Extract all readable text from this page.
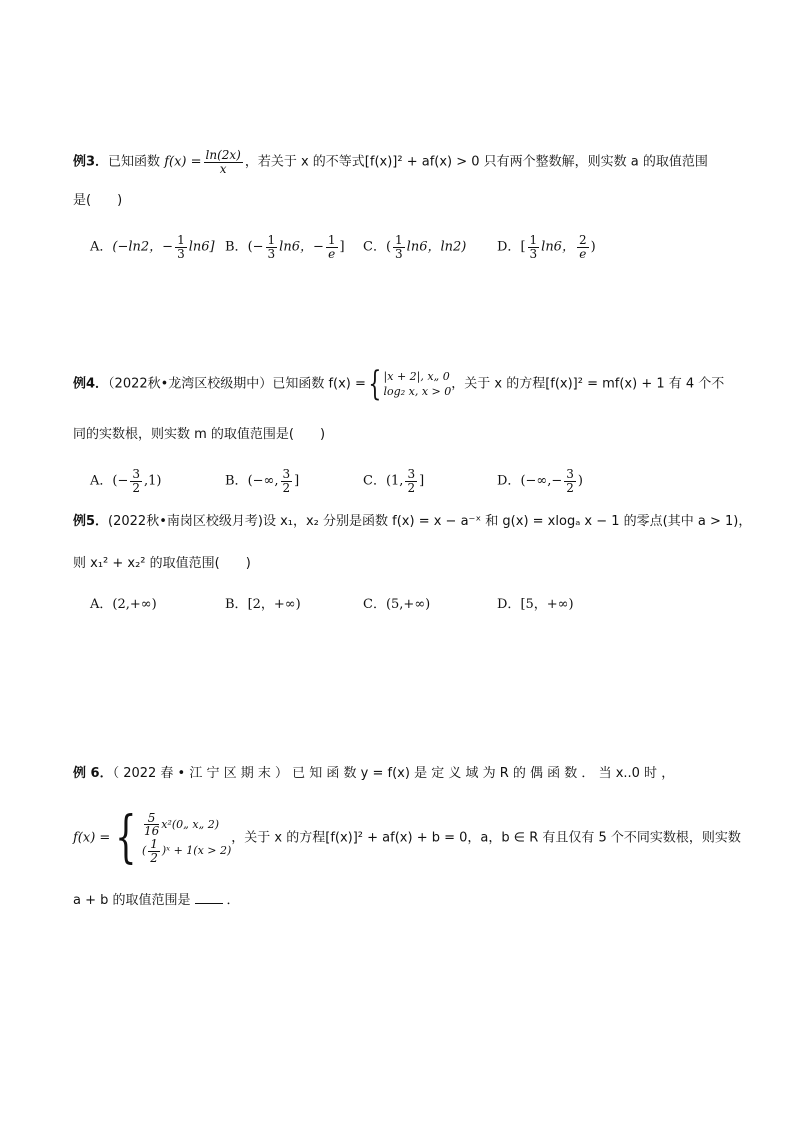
例3．已知函数 $f(x) = \frac{\ln(2x)}{x}$ ，若关于 x 的不等式[f(x)]² + af(x) > 0 只有两个整数解，则实数 a 的取值范围
是(　　)
A．(−ln2，− $\frac{1}{3} \ln 6$] B．(− $\frac{1}{3} \ln 6$，− $\frac{1}{e}$ ] C．( $\frac{1}{3} \ln 6$，ln2) D．[ $\frac{1}{3} \ln 6$， $\frac{2}{e}$ )
例4．（2022秋•龙湾区校级期中）已知函数 f(x) ={ |x + 2|, x„ 0
log₂ x, x > 0 ，关于 x 的方程[f(x)]² = mf(x) + 1 有 4 个不
同的实数根，则实数 m 的取值范围是(　　)
A．(− $\frac{3}{2} ,1$)	B．(−∞, $\frac{3}{2}$ ]	C．(1, $\frac{3}{2}$ ]	D．(−∞,− $\frac{3}{2}$ )
例5．(2022秋•南岗区校级月考)设 x₁，x₂ 分别是函数 f(x) = x − a⁻ˣ 和 g(x) = xlogₐ x − 1 的零点(其中 a > 1)，
则 x₁² + x₂² 的取值范围(　　)
A．(2,+∞)	B．[2，+∞)	C．(5,+∞)	D．[5，+∞)
例 6．（ 2022 春 • 江 宁 区 期 末 ） 已 知 函 数 y = f(x) 是 定 义 域 为 R 的 偶 函 数 ． 当 x..0 时 ，
f(x) ={ $\frac{5}{16}$ x²(0„ x„ 2)
( $\frac{1}{2}$ )ˣ + 1(x > 2)
，关于 x 的方程[f(x)]² + af(x) + b = 0，a，b ∈ R 有且仅有 5 个不同实数根，则实数
a + b 的取值范围是	．
